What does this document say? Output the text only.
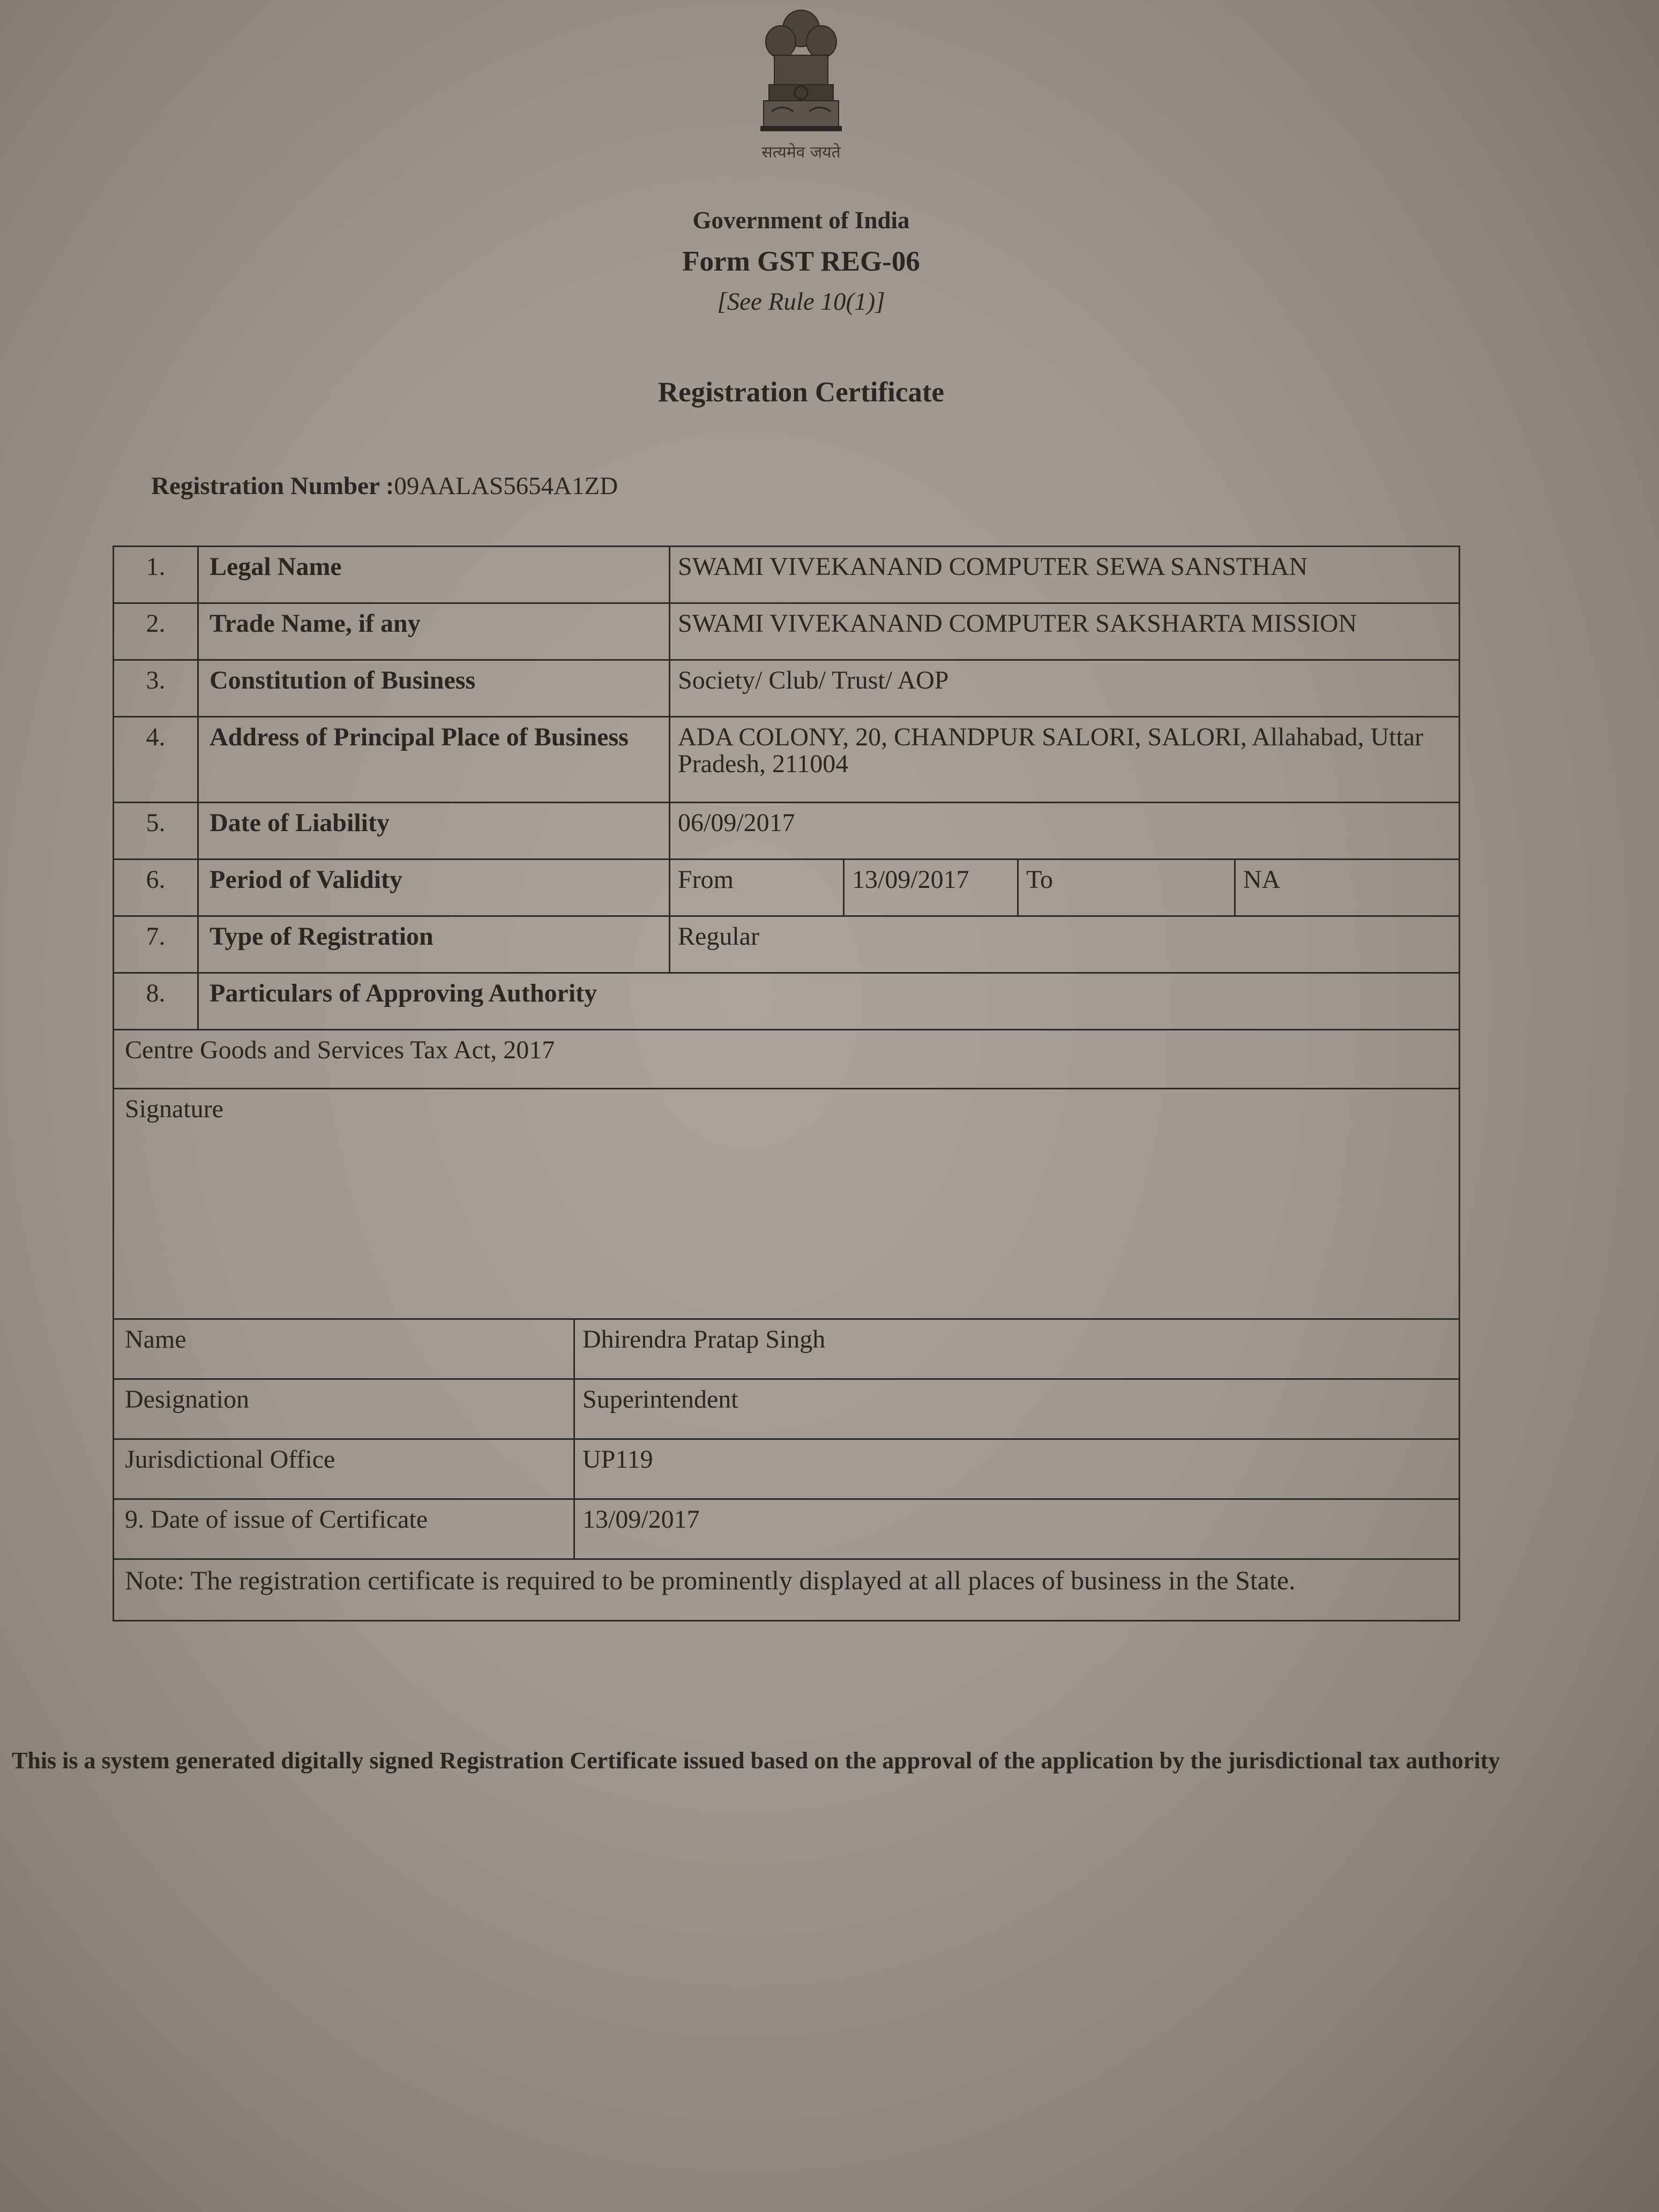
सत्यमेव जयते
Government of India
Form GST REG-06
[See Rule 10(1)]
Registration Certificate
Registration Number :09AALAS5654A1ZD
1.	Legal Name	SWAMI VIVEKANAND COMPUTER SEWA SANSTHAN
2.	Trade Name, if any	SWAMI VIVEKANAND COMPUTER SAKSHARTA MISSION
3.	Constitution of Business	Society/ Club/ Trust/ AOP
4.	Address of Principal Place of Business	ADA COLONY, 20, CHANDPUR SALORI, SALORI, Allahabad, Uttar Pradesh, 211004
5.	Date of Liability	06/09/2017
6.	Period of Validity	From	13/09/2017	To	NA
7.	Type of Registration	Regular
8.	Particulars of Approving Authority
Centre Goods and Services Tax Act, 2017
Signature
Name	Dhirendra Pratap Singh
Designation	Superintendent
Jurisdictional Office	UP119
9. Date of issue of Certificate	13/09/2017
Note: The registration certificate is required to be prominently displayed at all places of business in the State.
This is a system generated digitally signed Registration Certificate issued based on the approval of the application by the jurisdictional tax authority
